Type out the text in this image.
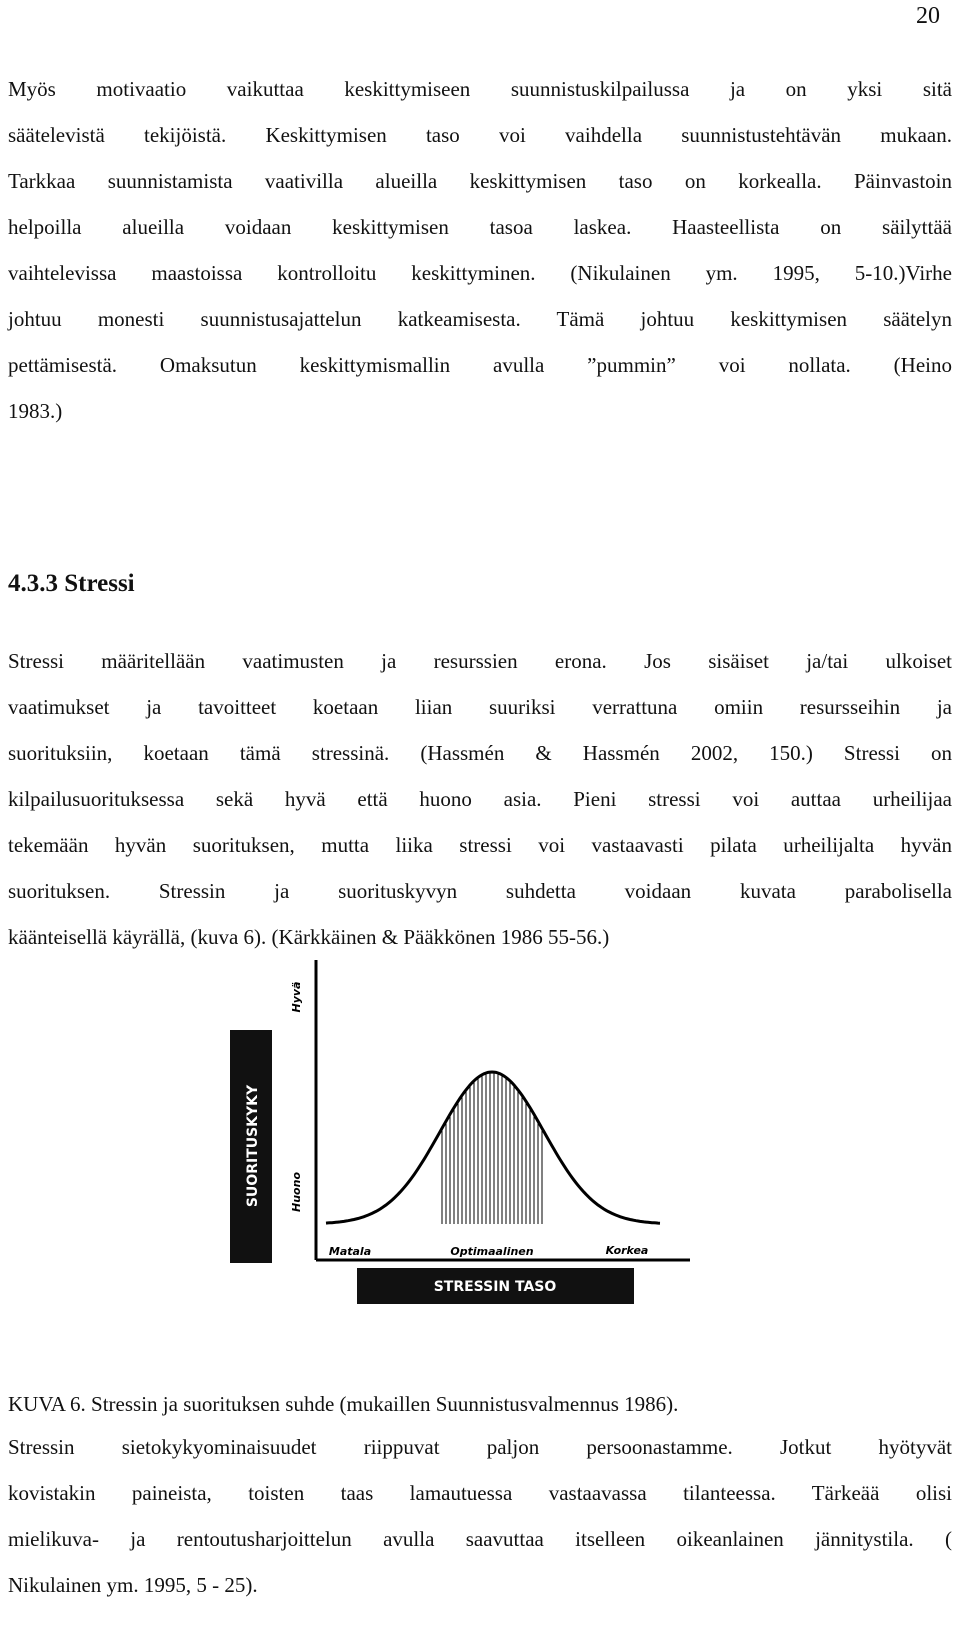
20
Myös motivaatio vaikuttaa keskittymiseen suunnistuskilpailussa ja on yksi sitä
säätelevistä tekijöistä. Keskittymisen taso voi vaihdella suunnistustehtävän mukaan.
Tarkkaa suunnistamista vaativilla alueilla keskittymisen taso on korkealla. Päinvastoin
helpoilla alueilla voidaan keskittymisen tasoa laskea. Haasteellista on säilyttää
vaihtelevissa maastoissa kontrolloitu keskittyminen. (Nikulainen ym. 1995, 5-10.)Virhe
johtuu monesti suunnistusajattelun katkeamisesta. Tämä johtuu keskittymisen säätelyn
pettämisestä. Omaksutun keskittymismallin avulla ”pummin” voi nollata. (Heino
1983.)
4.3.3 Stressi
Stressi määritellään vaatimusten ja resurssien erona. Jos sisäiset ja/tai ulkoiset
vaatimukset ja tavoitteet koetaan liian suuriksi verrattuna omiin resursseihin ja
suorituksiin, koetaan tämä stressinä. (Hassmén & Hassmén 2002, 150.) Stressi on
kilpailusuorituksessa sekä hyvä että huono asia. Pieni stressi voi auttaa urheilijaa
tekemään hyvän suorituksen, mutta liika stressi voi vastaavasti pilata urheilijalta hyvän
suorituksen. Stressin ja suorituskyvyn suhdetta voidaan kuvata parabolisella
käänteisellä käyrällä, (kuva 6). (Kärkkäinen & Pääkkönen 1986 55-56.)
SUORITUSKYKY
Hyvä
Huono
Matala	Optimaalinen	Korkea
STRESSIN TASO
KUVA 6. Stressin ja suorituksen suhde (mukaillen Suunnistusvalmennus 1986).
Stressin sietokykyominaisuudet riippuvat paljon persoonastamme. Jotkut hyötyvät
kovistakin paineista, toisten taas lamautuessa vastaavassa tilanteessa. Tärkeää olisi
mielikuva- ja rentoutusharjoittelun avulla saavuttaa itselleen oikeanlainen jännitystila. (
Nikulainen ym. 1995, 5 - 25).
